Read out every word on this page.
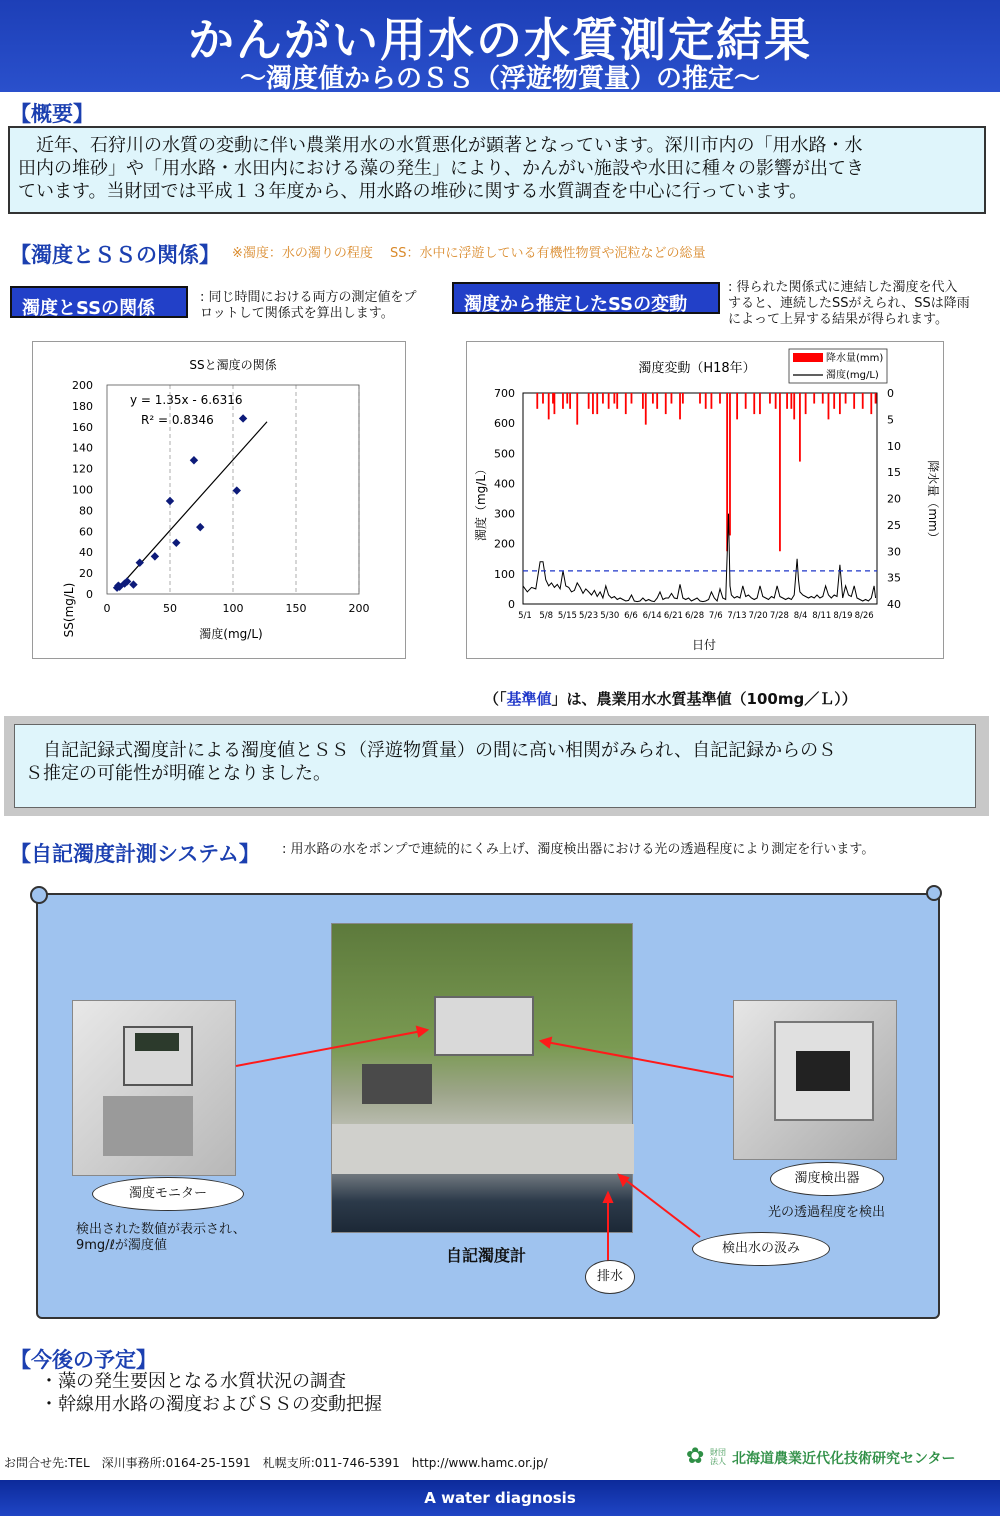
かんがい用水の水質測定結果
～濁度値からのＳＳ（浮遊物質量）の推定～
【概要】
　近年、石狩川の水質の変動に伴い農業用水の水質悪化が顕著となっています。深川市内の「用水路・水
田内の堆砂」や「用水路・水田内における藻の発生」により、かんがい施設や水田に種々の影響が出てき
ています。当財団では平成１３年度から、用水路の堆砂に関する水質調査を中心に行っています。
【濁度とＳＳの関係】 ※濁度：水の濁りの程度　 SS：水中に浮遊している有機性物質や泥粒などの総量
濁度とSSの関係
: 同じ時間における両方の測定値をプ
ロットして関係式を算出します。	濁度から推定したSSの変動
: 得られた関係式に連結した濁度を代入
すると、連続したSSがえられ、SSは降雨
によって上昇する結果が得られます。
SSと濁度の関係
SS(mg/L)	濁度(mg/L)
y = 1.35x - 6.6316
R² = 0.8346
0	50	100	150	200
0
20
40
60
80
100
120
140
160
180
200
濁度変動（H18年）
日付
濁度（mg/L）	降水量（mm）
降水量(mm)
濁度(mg/L)
0
100
200
300
400
500
600
700	0
5
10
15
20
25
30
35
40
5/1 5/8 5/15 5/23 5/30 6/6 6/14 6/21 6/28 7/6 7/13 7/20 7/28 8/4 8/11 8/19 8/26
（「基準値」は、農業用水水質基準値（100mg／Ｌ））
　自記記録式濁度計による濁度値とＳＳ（浮遊物質量）の間に高い相関がみられ、自記記録からのＳ
Ｓ推定の可能性が明確となりました。
【自記濁度計測システム】 : 用水路の水をポンプで連続的にくみ上げ、濁度検出器における光の透過程度により測定を行います。
濁度モニター
検出された数値が表示され、
9mg/ℓが濁度値
自記濁度計
濁度検出器
光の透過程度を検出
検出水の汲み
排水
【今後の予定】
・藻の発生要因となる水質状況の調査
・幹線用水路の濁度およびＳＳの変動把握
お問合せ先:TEL　深川事務所:0164-25-1591　札幌支所:011-746-5391　http://www.hamc.or.jp/	✿ 財団法人 北海道農業近代化技術研究センター
A water diagnosis
